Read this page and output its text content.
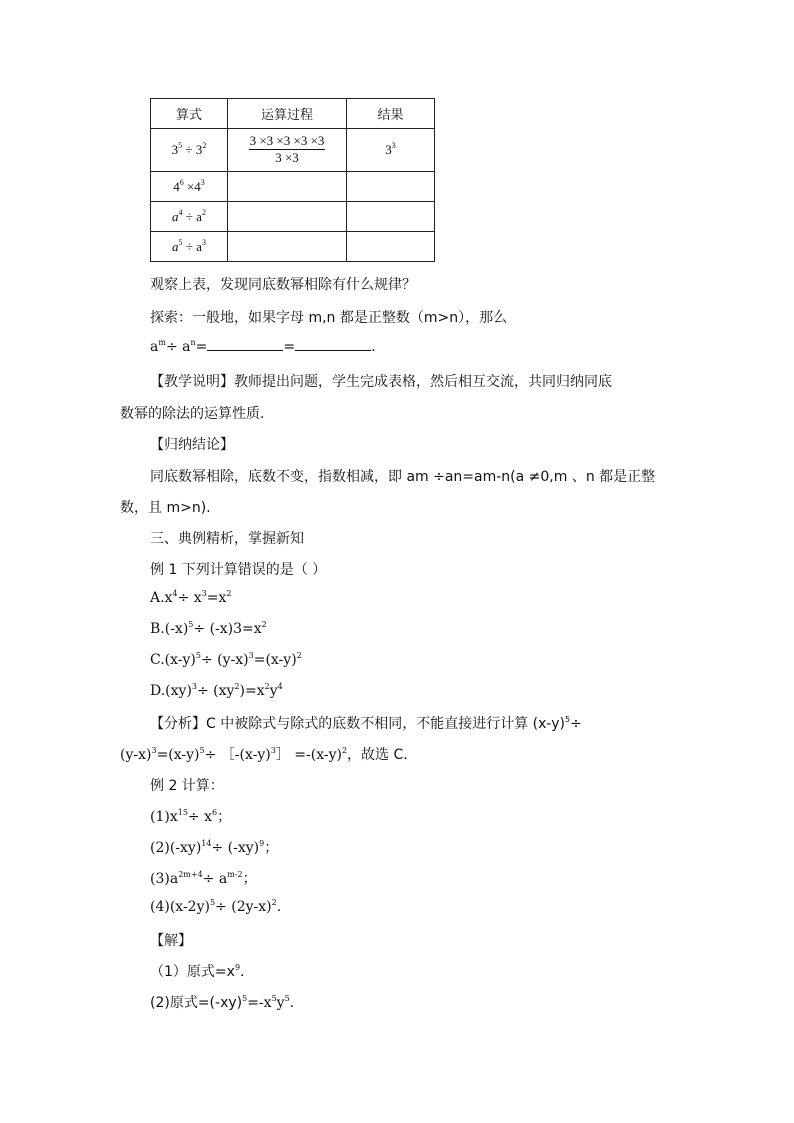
算式	运算过程	结果
$3^5 \div 3^2$	$\frac{3 \times 3 \times 3 \times 3 \times 3}{3 \times 3}$	$3^3$
$4^6 \times 4^3$		
$a^4 \div a^2$		
$a^5 \div a^3$		
观察上表，发现同底数幂相除有什么规律？
探索：一般地，如果字母 m,n 都是正整数（m>n），那么
$a^m\div a^n=$	=	.
【教学说明】教师提出问题，学生完成表格，然后相互交流，共同归纳同底
数幂的除法的运算性质.
【归纳结论】
同底数幂相除，底数不变，指数相减，即 am ÷an=am-n(a ≠0,m 、n 都是正整
数，且 m>n).
三、典例精析，掌握新知
例 1 下列计算错误的是（ ）
$A.x^4\div x^3=x^2$
$B.(-x)^5\div (-x)3=x^2$
$C.(x-y)^5\div (y-x)^3=(x-y)^2$
$D.(xy)^3\div (xy^2)=x^2y^4$
【分析】C 中被除式与除式的底数不相同，不能直接进行计算 $(x-y)^5\div$
$(y-x)^3=(x-y)^5\div$ $[-(x-y)^3] =-(x-y)^2$，故选 C.
例 2 计算：
$(1)x^{15}\div x^6$；
$(2)(-xy)^{14}\div (-xy)^9$；
$(3)a^{2m+4}\div a^{m-2}$；
$(4)(x-2y)^5\div (2y-x)^2$.
【解】
（1）原式$=x^9$.
(2)原式$=(-xy)^5=-x^5y^5$.
